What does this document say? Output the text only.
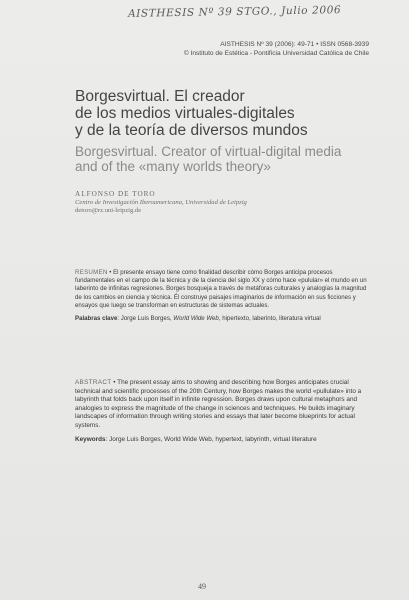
AISTHESIS Nº 39 STGO., Julio 2006
AISTHESIS Nº 39 (2006): 49-71 • ISSN 0568-3939
© Instituto de Estética - Pontificia Universidad Católica de Chile
Borgesvirtual. El creador
de los medios virtuales-digitales
y de la teoría de diversos mundos
Borgesvirtual. Creator of virtual-digital media
and of the «many worlds theory»
ALFONSO DE TORO
Centro de Investigación Iberoamericana, Universidad de Leipzig
detoro@rz.uni-leipzig.de
RESUMEN • El presente ensayo tiene como finalidad describir cómo Borges anticipa procesos fundamentales en el campo de la técnica y de la ciencia del siglo XX y cómo hace «pulular» el mundo en un laberinto de infinitas regresiones. Borges bosqueja a través de metáforas culturales y analogías la magnitud de los cambios en ciencia y técnica. Él construye paisajes imaginarios de información en sus ficciones y ensayos que luego se transforman en estructuras de sistemas actuales.
Palabras clave: Jorge Luis Borges, World Wide Web, hipertexto, laberinto, literatura virtual
ABSTRACT • The present essay aims to showing and describing how Borges anticipates crucial technical and scientific processes of the 20th Century, how Borges makes the world «pullulate» into a labyrinth that folds back upon itself in infinite regression. Borges draws upon cultural metaphors and analogies to express the magnitude of the change in sciences and techniques. He builds imaginary landscapes of information through writing stories and essays that later become blueprints for actual systems.
Keywords: Jorge Luis Borges, World Wide Web, hypertext, labyrinth, virtual literature
49
